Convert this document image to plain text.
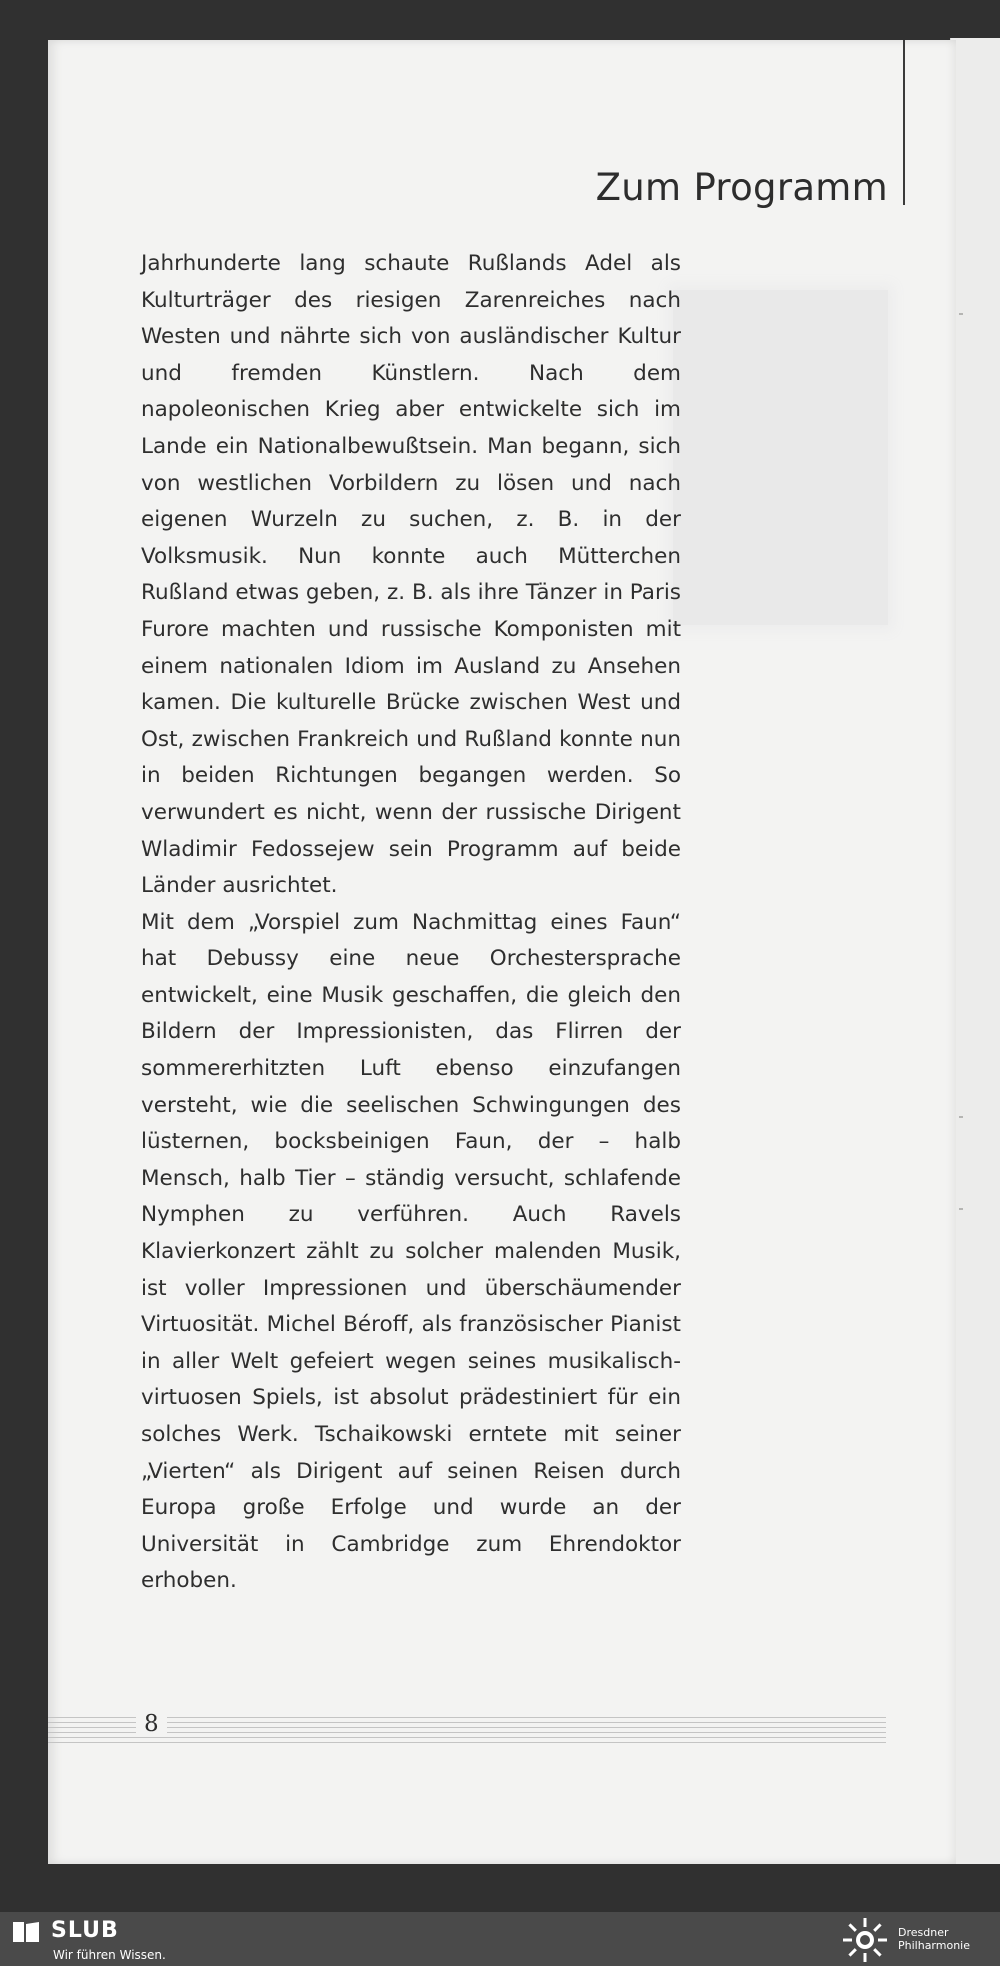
Zum Programm

Jahrhunderte lang schaute Rußlands Adel als Kulturträger des riesigen Zarenreiches nach Westen und nährte sich von ausländischer Kultur und fremden Künstlern. Nach dem napoleonischen Krieg aber entwickelte sich im Lande ein Nationalbewußtsein. Man begann, sich von westlichen Vorbildern zu lösen und nach eigenen Wurzeln zu suchen, z. B. in der Volksmusik. Nun konnte auch Mütterchen Rußland etwas geben, z. B. als ihre Tänzer in Paris Furore machten und russische Komponisten mit einem nationalen Idiom im Ausland zu Ansehen kamen. Die kulturelle Brücke zwischen West und Ost, zwischen Frankreich und Rußland konnte nun in beiden Richtungen begangen werden. So verwundert es nicht, wenn der russische Dirigent Wladimir Fedossejew sein Programm auf beide Länder ausrichtet.

Mit dem „Vorspiel zum Nachmittag eines Faun“ hat Debussy eine neue Orchestersprache entwickelt, eine Musik geschaffen, die gleich den Bildern der Impressionisten, das Flirren der sommererhitzten Luft ebenso einzufangen versteht, wie die seelischen Schwingungen des lüsternen, bocksbeinigen Faun, der – halb Mensch, halb Tier – ständig versucht, schlafende Nymphen zu verführen. Auch Ravels Klavierkonzert zählt zu solcher malenden Musik, ist voller Impressionen und überschäumender Virtuosität. Michel Béroff, als französischer Pianist in aller Welt gefeiert wegen seines musikalisch-virtuosen Spiels, ist absolut prädestiniert für ein solches Werk. Tschaikowski erntete mit seiner „Vierten“ als Dirigent auf seinen Reisen durch Europa große Erfolge und wurde an der Universität in Cambridge zum Ehrendoktor erhoben.

8

SLUB

Wir führen Wissen.

Dresdner
Philharmonie
